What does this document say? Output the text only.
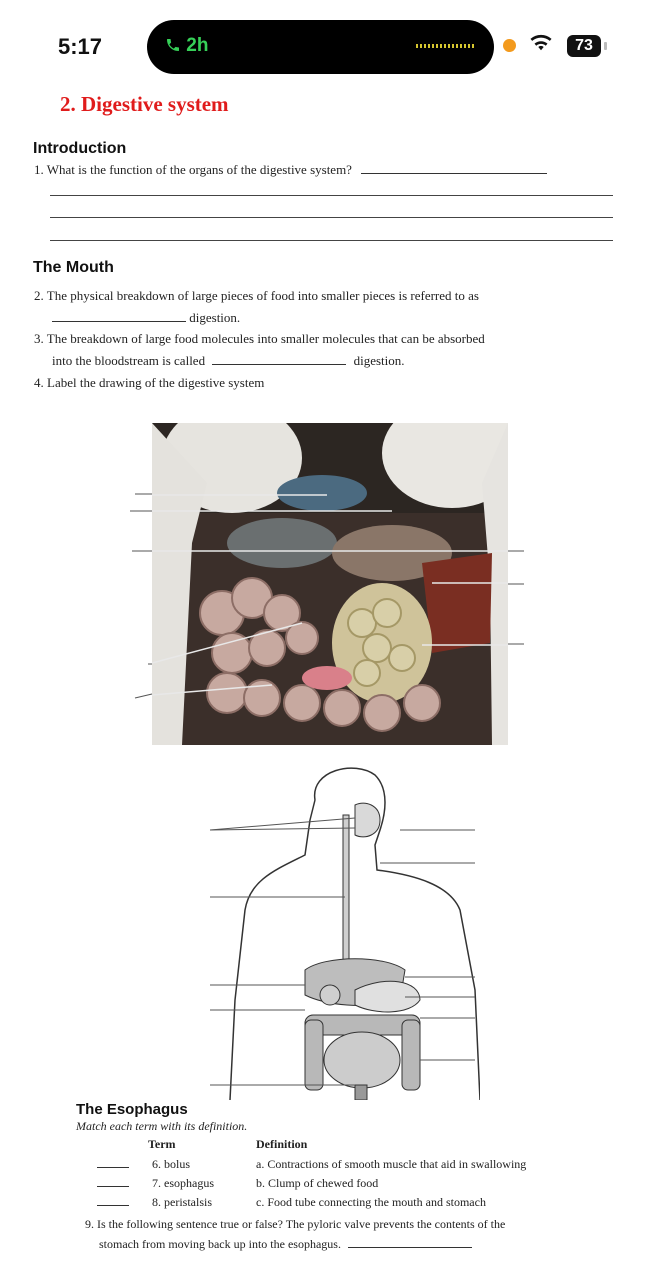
5:17	2h	73
2. Digestive system
Introduction
1. What is the function of the organs of the digestive system?
The Mouth
2. The physical breakdown of large pieces of food into smaller pieces is referred to as
digestion.
3. The breakdown of large food molecules into smaller molecules that can be absorbed
into the bloodstream is called	digestion.
4. Label the drawing of the digestive system
The Esophagus
Match each term with its definition.
Term	Definition
6. bolus	a. Contractions of smooth muscle that aid in swallowing
7. esophagus	b. Clump of chewed food
8. peristalsis	c. Food tube connecting the mouth and stomach
9. Is the following sentence true or false? The pyloric valve prevents the contents of the
stomach from moving back up into the esophagus.
